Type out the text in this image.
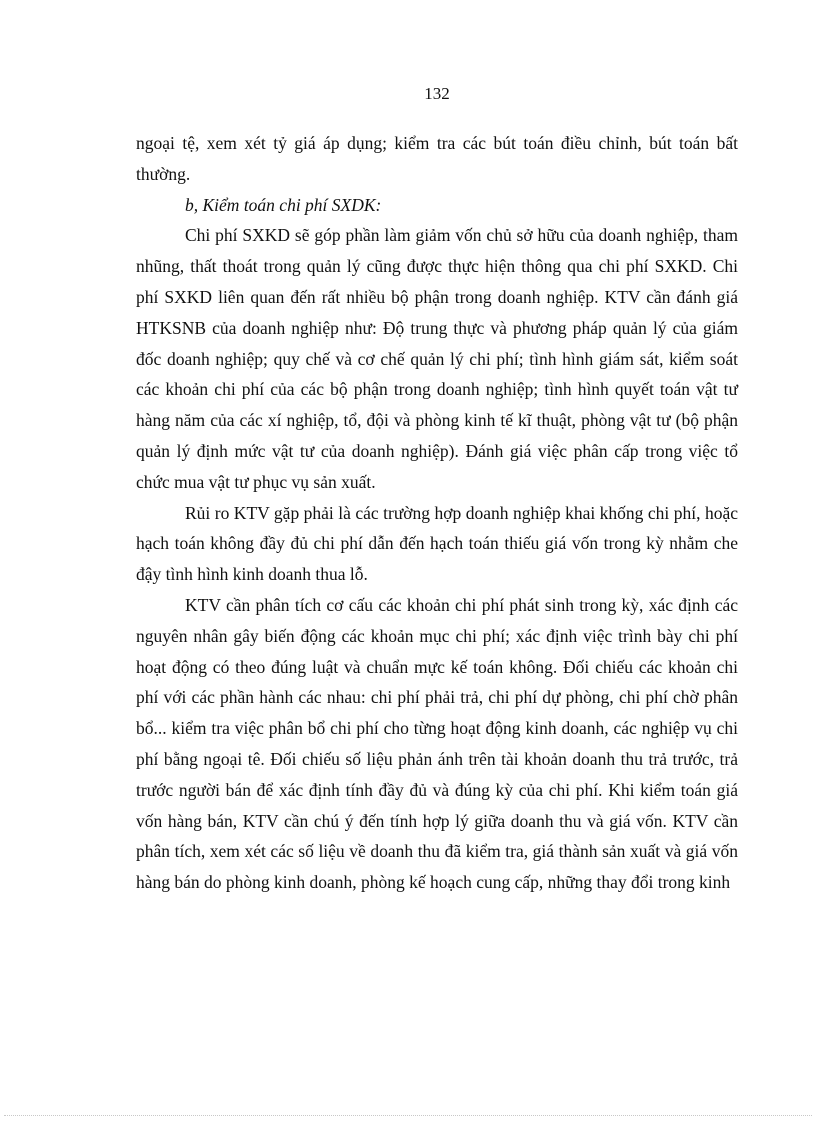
132

ngoại tệ, xem xét tỷ giá áp dụng; kiểm tra các bút toán điều chỉnh, bút toán bất thường.

b, Kiểm toán chi phí SXDK:

Chi phí SXKD sẽ góp phần làm giảm vốn chủ sở hữu của doanh nghiệp, tham nhũng, thất thoát trong quản lý cũng được thực hiện thông qua chi phí SXKD. Chi phí SXKD liên quan đến rất nhiều bộ phận trong doanh nghiệp. KTV cần đánh giá HTKSNB của doanh nghiệp như: Độ trung thực và phương pháp quản lý của giám đốc doanh nghiệp; quy chế và cơ chế quản lý chi phí; tình hình giám sát, kiểm soát các khoản chi phí của các bộ phận trong doanh nghiệp; tình hình quyết toán vật tư hàng năm của các xí nghiệp, tổ, đội và phòng kinh tế kĩ thuật, phòng vật tư (bộ phận quản lý định mức vật tư của doanh nghiệp). Đánh giá việc phân cấp trong việc tổ chức mua vật tư phục vụ sản xuất.

Rủi ro KTV gặp phải là các trường hợp doanh nghiệp khai khống chi phí, hoặc hạch toán không đầy đủ chi phí dẫn đến hạch toán thiếu giá vốn trong kỳ nhằm che đậy tình hình kinh doanh thua lỗ.

KTV cần phân tích cơ cấu các khoản chi phí phát sinh trong kỳ, xác định các nguyên nhân gây biến động các khoản mục chi phí; xác định việc trình bày chi phí hoạt động có theo đúng luật và chuẩn mực kế toán không. Đối chiếu các khoản chi phí với các phần hành các nhau: chi phí phải trả, chi phí dự phòng, chi phí chờ phân bổ... kiểm tra việc phân bổ chi phí cho từng hoạt động kinh doanh, các nghiệp vụ chi phí bằng ngoại tê. Đối chiếu số liệu phản ánh trên tài khoản doanh thu trả trước, trả trước người bán để xác định tính đầy đủ và đúng kỳ của chi phí. Khi kiểm toán giá vốn hàng bán, KTV cần chú ý đến tính hợp lý giữa doanh thu và giá vốn. KTV cần phân tích, xem xét các số liệu về doanh thu đã kiểm tra, giá thành sản xuất và giá vốn hàng bán do phòng kinh doanh, phòng kế hoạch cung cấp, những thay đổi trong kinh
